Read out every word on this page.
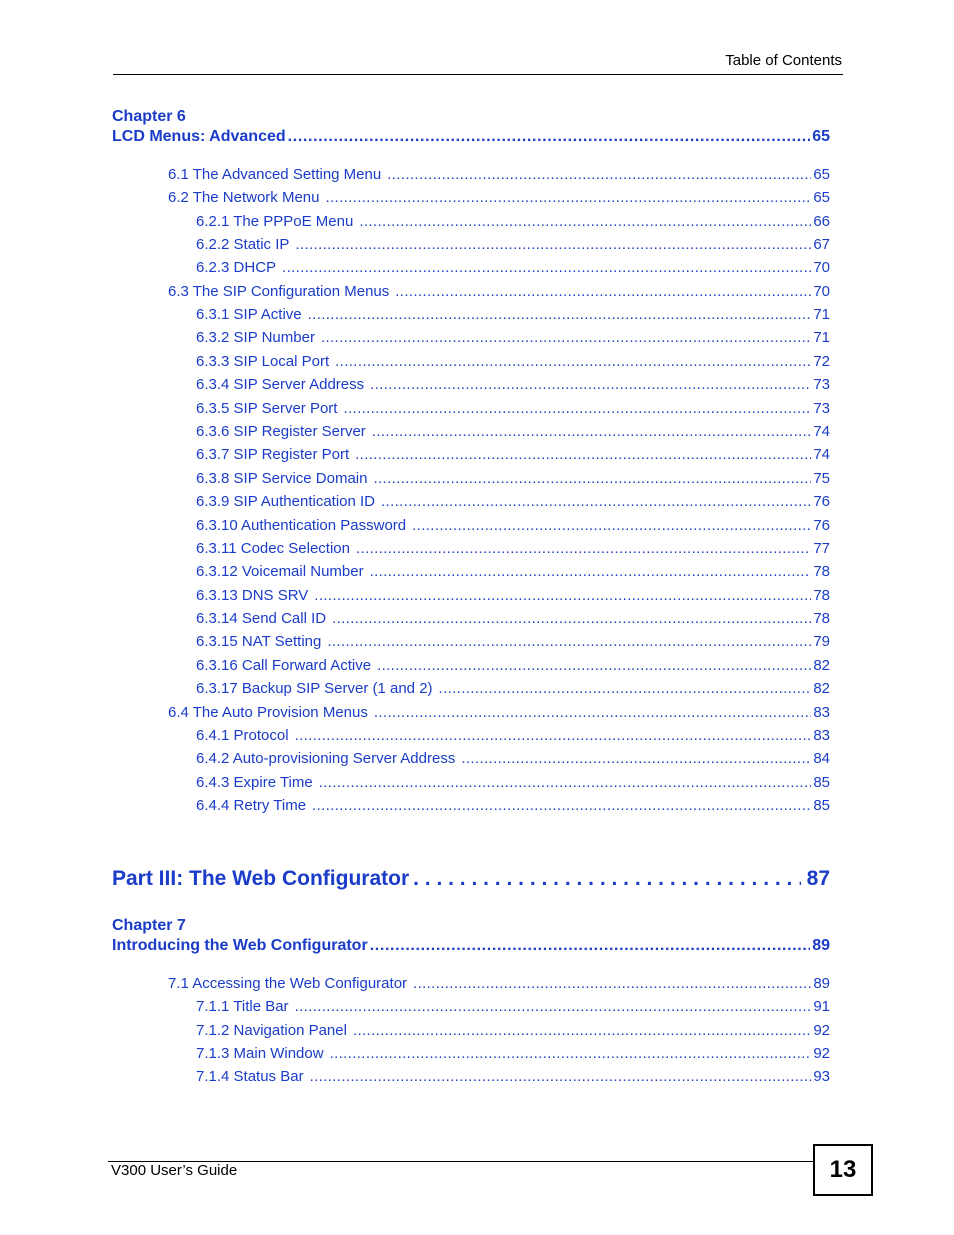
Table of Contents
Chapter 6
LCD Menus: Advanced . . .	65
6.1 The Advanced Setting Menu . . .	65
6.2 The Network Menu . . .	65
6.2.1 The PPPoE Menu . . .	66
6.2.2 Static IP . . .	67
6.2.3 DHCP . . .	70
6.3 The SIP Configuration Menus . . .	70
6.3.1 SIP Active . . .	71
6.3.2 SIP Number . . .	71
6.3.3 SIP Local Port . . .	72
6.3.4 SIP Server Address . . .	73
6.3.5 SIP Server Port . . .	73
6.3.6 SIP Register Server . . .	74
6.3.7 SIP Register Port . . .	74
6.3.8 SIP Service Domain . . .	75
6.3.9 SIP Authentication ID . . .	76
6.3.10 Authentication Password . . .	76
6.3.11 Codec Selection . . .	77
6.3.12 Voicemail Number . . .	78
6.3.13 DNS SRV . . .	78
6.3.14 Send Call ID . . .	78
6.3.15 NAT Setting . . .	79
6.3.16 Call Forward Active . . .	82
6.3.17 Backup SIP Server (1 and 2) . . .	82
6.4 The Auto Provision Menus . . .	83
6.4.1 Protocol . . .	83
6.4.2 Auto-provisioning Server Address . . .	84
6.4.3 Expire Time . . .	85
6.4.4 Retry Time . . .	85
Part III: The Web Configurator . . .	87
Chapter 7
Introducing the Web Configurator . . .	89
7.1 Accessing the Web Configurator . . .	89
7.1.1 Title Bar . . .	91
7.1.2 Navigation Panel . . .	92
7.1.3 Main Window . . .	92
7.1.4 Status Bar . . .	93
V300 User’s Guide	13
